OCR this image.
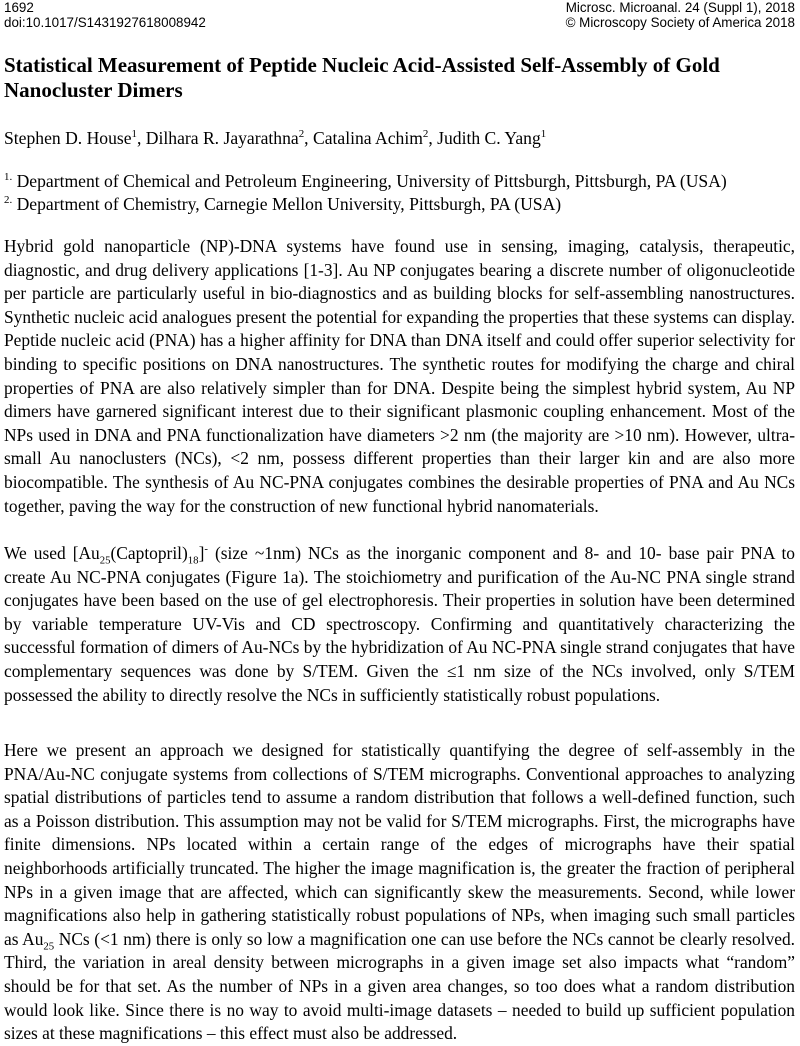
1692	Microsc. Microanal. 24 (Suppl 1), 2018
doi:10.1017/S1431927618008942	© Microscopy Society of America 2018
Statistical Measurement of Peptide Nucleic Acid-Assisted Self-Assembly of Gold Nanocluster Dimers
Stephen D. House$^1$, Dilhara R. Jayarathna$^2$, Catalina Achim$^2$, Judith C. Yang$^1$
$^{1.}$ Department of Chemical and Petroleum Engineering, University of Pittsburgh, Pittsburgh, PA (USA)
$^{2.}$ Department of Chemistry, Carnegie Mellon University, Pittsburgh, PA (USA)

Hybrid gold nanoparticle (NP)-DNA systems have found use in sensing, imaging, catalysis, therapeutic, diagnostic, and drug delivery applications [1-3]. Au NP conjugates bearing a discrete number of oligonucleotide per particle are particularly useful in bio-diagnostics and as building blocks for self-assembling nanostructures. Synthetic nucleic acid analogues present the potential for expanding the properties that these systems can display. Peptide nucleic acid (PNA) has a higher affinity for DNA than DNA itself and could offer superior selectivity for binding to specific positions on DNA nanostructures. The synthetic routes for modifying the charge and chiral properties of PNA are also relatively simpler than for DNA. Despite being the simplest hybrid system, Au NP dimers have garnered significant interest due to their significant plasmonic coupling enhancement. Most of the NPs used in DNA and PNA functionalization have diameters >2 nm (the majority are >10 nm). However, ultra-small Au nanoclusters (NCs), <2 nm, possess different properties than their larger kin and are also more biocompatible. The synthesis of Au NC-PNA conjugates combines the desirable properties of PNA and Au NCs together, paving the way for the construction of new functional hybrid nanomaterials.

We used $[Au_{25}(Captopril)_{18}]^-$ (size ~1nm) NCs as the inorganic component and 8- and 10- base pair PNA to create Au NC-PNA conjugates (Figure 1a). The stoichiometry and purification of the Au-NC PNA single strand conjugates have been based on the use of gel electrophoresis. Their properties in solution have been determined by variable temperature UV-Vis and CD spectroscopy. Confirming and quantitatively characterizing the successful formation of dimers of Au-NCs by the hybridization of Au NC-PNA single strand conjugates that have complementary sequences was done by S/TEM. Given the ≤1 nm size of the NCs involved, only S/TEM possessed the ability to directly resolve the NCs in sufficiently statistically robust populations.

Here we present an approach we designed for statistically quantifying the degree of self-assembly in the PNA/Au-NC conjugate systems from collections of S/TEM micrographs. Conventional approaches to analyzing spatial distributions of particles tend to assume a random distribution that follows a well-defined function, such as a Poisson distribution. This assumption may not be valid for S/TEM micrographs. First, the micrographs have finite dimensions. NPs located within a certain range of the edges of micrographs have their spatial neighborhoods artificially truncated. The higher the image magnification is, the greater the fraction of peripheral NPs in a given image that are affected, which can significantly skew the measurements. Second, while lower magnifications also help in gathering statistically robust populations of NPs, when imaging such small particles as $Au_{25}$ NCs (<1 nm) there is only so low a magnification one can use before the NCs cannot be clearly resolved. Third, the variation in areal density between micrographs in a given image set also impacts what “random” should be for that set. As the number of NPs in a given area changes, so too does what a random distribution would look like. Since there is no way to avoid multi-image datasets – needed to build up sufficient population sizes at these magnifications – this effect must also be addressed.
